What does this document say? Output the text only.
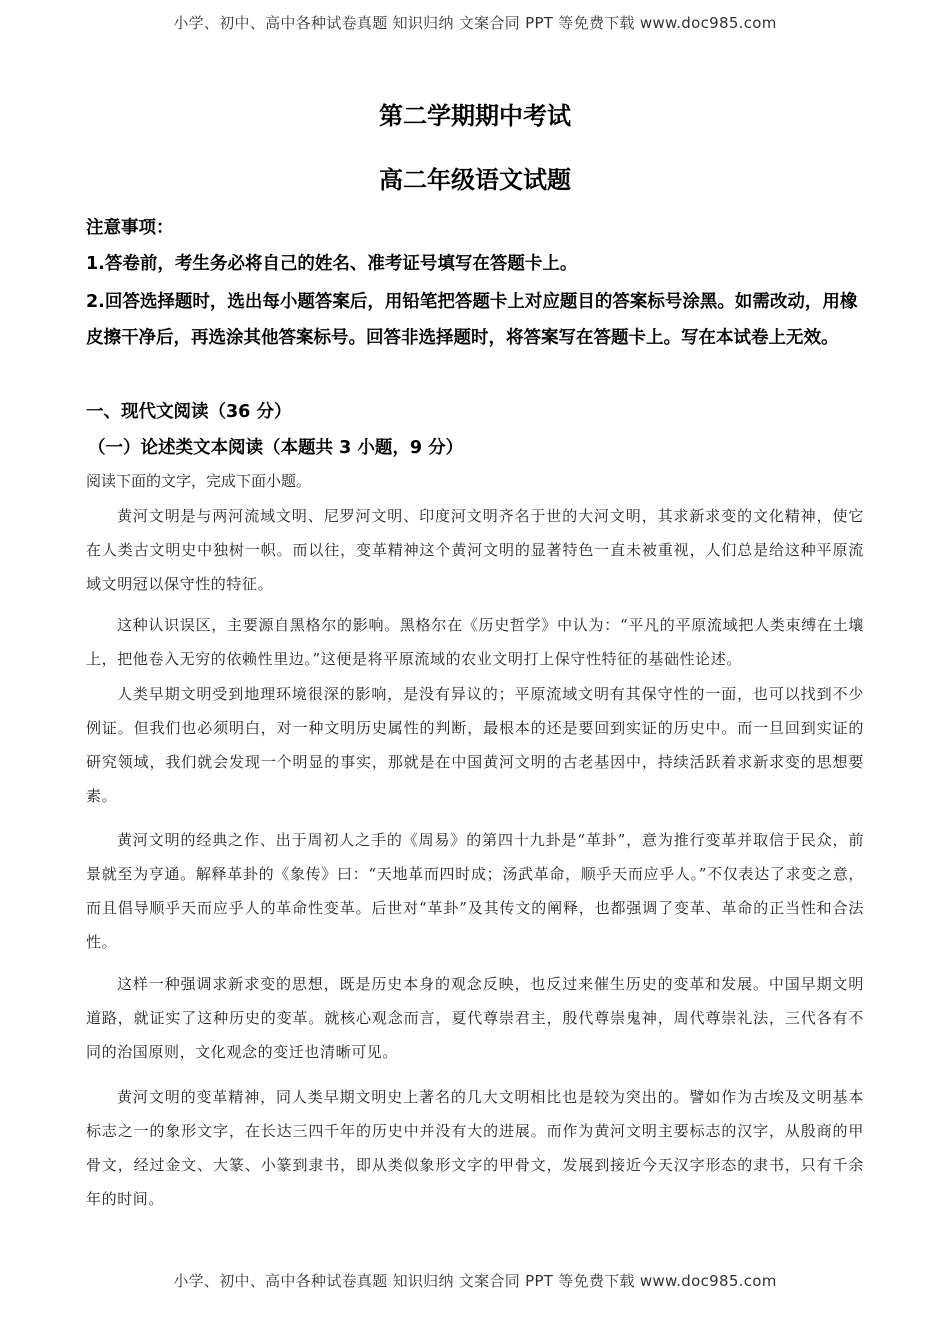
小学、初中、高中各种试卷真题 知识归纳 文案合同 PPT 等免费下载 www.doc985.com
第二学期期中考试
高二年级语文试题
注意事项：
1.答卷前，考生务必将自己的姓名、准考证号填写在答题卡上。
2.回答选择题时，选出每小题答案后，用铅笔把答题卡上对应题目的答案标号涂黑。如需改动，用橡皮擦干净后，再选涂其他答案标号。回答非选择题时，将答案写在答题卡上。写在本试卷上无效。
一、现代文阅读（36 分）
（一）论述类文本阅读（本题共 3 小题，9 分）
阅读下面的文字，完成下面小题。
黄河文明是与两河流域文明、尼罗河文明、印度河文明齐名于世的大河文明，其求新求变的文化精神，使它在人类古文明史中独树一帜。而以往，变革精神这个黄河文明的显著特色一直未被重视，人们总是给这种平原流域文明冠以保守性的特征。
这种认识误区，主要源自黑格尔的影响。黑格尔在《历史哲学》中认为：“平凡的平原流域把人类束缚在土壤上，把他卷入无穷的依赖性里边。”这便是将平原流域的农业文明打上保守性特征的基础性论述。
人类早期文明受到地理环境很深的影响，是没有异议的；平原流域文明有其保守性的一面，也可以找到不少例证。但我们也必须明白，对一种文明历史属性的判断，最根本的还是要回到实证的历史中。而一旦回到实证的研究领域，我们就会发现一个明显的事实，那就是在中国黄河文明的古老基因中，持续活跃着求新求变的思想要素。
黄河文明的经典之作、出于周初人之手的《周易》的第四十九卦是“革卦”，意为推行变革并取信于民众，前景就至为亨通。解释革卦的《象传》曰：“天地革而四时成；汤武革命，顺乎天而应乎人。”不仅表达了求变之意，而且倡导顺乎天而应乎人的革命性变革。后世对“革卦”及其传文的阐释，也都强调了变革、革命的正当性和合法性。
这样一种强调求新求变的思想，既是历史本身的观念反映，也反过来催生历史的变革和发展。中国早期文明道路，就证实了这种历史的变革。就核心观念而言，夏代尊崇君主，殷代尊崇鬼神，周代尊崇礼法，三代各有不同的治国原则，文化观念的变迁也清晰可见。
黄河文明的变革精神，同人类早期文明史上著名的几大文明相比也是较为突出的。譬如作为古埃及文明基本标志之一的象形文字，在长达三四千年的历史中并没有大的进展。而作为黄河文明主要标志的汉字，从殷商的甲骨文，经过金文、大篆、小篆到隶书，即从类似象形文字的甲骨文，发展到接近今天汉字形态的隶书，只有千余年的时间。
小学、初中、高中各种试卷真题 知识归纳 文案合同 PPT 等免费下载 www.doc985.com
